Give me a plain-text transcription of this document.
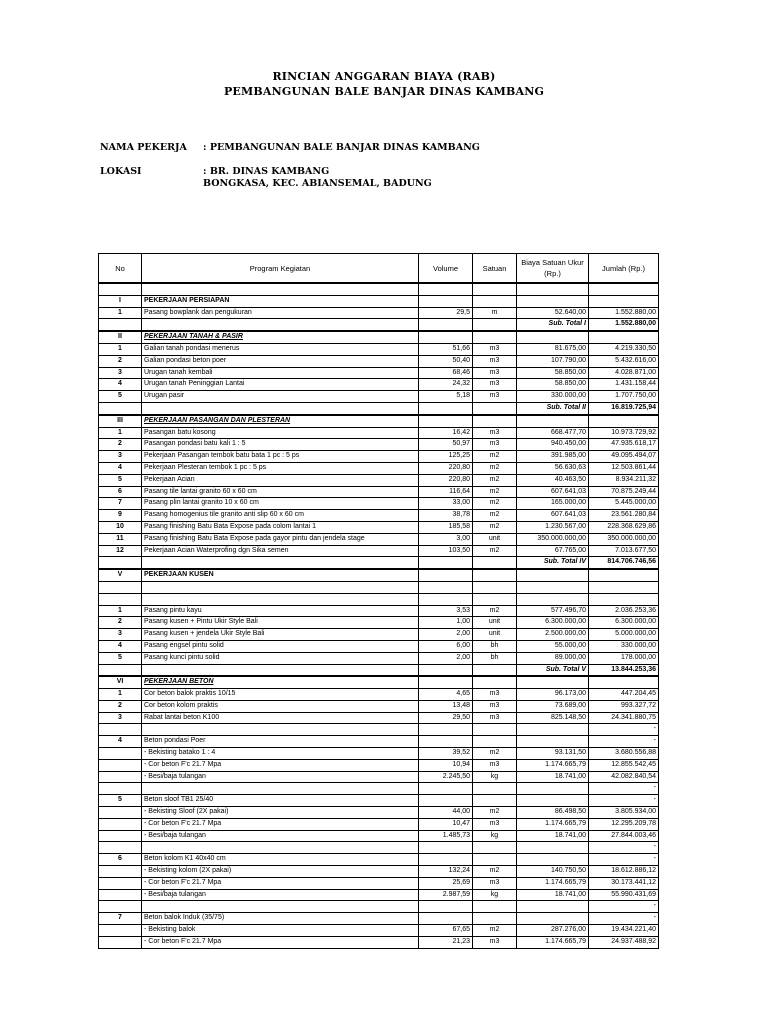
RINCIAN ANGGARAN BIAYA (RAB)
PEMBANGUNAN BALE BANJAR DINAS KAMBANG
NAMA PEKERJA : PEMBANGUNAN BALE BANJAR DINAS KAMBANG
LOKASI	: BR. DINAS KAMBANG
BONGKASA, KEC. ABIANSEMAL, BADUNG
No	Program Kegiatan	Volume	Satuan	Biaya Satuan Ukur (Rp.)	Jumlah (Rp.)

I	PEKERJAAN PERSIAPAN				
1	Pasang bowplank dan pengukuran	29,5	m	52.640,00	1.552.880,00
				Sub. Total I	1.552.880,00
II	PEKERJAAN TANAH & PASIR				
1	Galian tanah pondasi menerus	51,66	m3	81.675,00	4.219.330,50
2	Galian pondasi beton poer	50,40	m3	107.790,00	5.432.616,00
3	Urugan tanah kembali	68,46	m3	58.850,00	4.028.871,00
4	Urugan tanah Peninggian Lantai	24,32	m3	58.850,00	1.431.158,44
5	Urugan pasir	5,18	m3	330.000,00	1.707.750,00
				Sub. Total II	16.819.725,94
III	PEKERJAAN PASANGAN DAN PLESTERAN				
1	Pasangan batu kosong	16,42	m3	668.477,70	10.973.729,92
2	Pasangan pondasi batu kali 1 : 5	50,97	m3	940.450,00	47.935.618,17
3	Pekerjaan Pasangan tembok batu bata 1 pc : 5 ps	125,25	m2	391.985,00	49.095.494,07
4	Pekerjaan Plesteran tembok 1 pc : 5 ps	220,80	m2	56.630,63	12.503.861,44
5	Pekerjaan Acian	220,80	m2	40.463,50	8.934.211,32
6	Pasang tile lantai granito 60 x 60 cm	116,64	m2	607.641,03	70.875.249,44
7	Pasang plin lantai granito 10 x 60 cm	33,00	m2	165.000,00	5.445.000,00
9	Pasang homogenius tile granito anti slip 60 x 60 cm	38,78	m2	607.641,03	23.561.280,84
10	Pasang finishing Batu Bata Expose pada colom lantai 1	185,58	m2	1.230.567,00	228.368.629,86
11	Pasang finishing Batu Bata Expose pada gayor pintu dan jendela stage	3,00	unit	350.000.000,00	350.000.000,00
12	Pekerjaan Acian Waterprofing dgn Sika semen	103,50	m2	67.765,00	7.013.677,50
				Sub. Total IV	814.706.746,56
V	PEKERJAAN KUSEN				

1	Pasang pintu kayu	3,53	m2	577.496,70	2.036.253,36
2	Pasang kusen + Pintu Ukir Style Bali	1,00	unit	6.300.000,00	6.300.000,00
3	Pasang kusen + jendela Ukir Style Bali	2,00	unit	2.500.000,00	5.000.000,00
4	Pasang engsel pintu solid	6,00	bh	55.000,00	330.000,00
5	Pasang kunci pintu solid	2,00	bh	89.000,00	178.000,00
				Sub. Total V	13.844.253,36
VI	PEKERJAAN BETON				
1	Cor beton balok praktis 10/15	4,65	m3	96.173,00	447.204,45
2	Cor beton kolom praktis	13,48	m3	73.689,00	993.327,72
3	Rabat lantai beton K100	29,50	m3	825.148,50	24.341.880,75
					-
4	Beton pondasi Poer				-
	- Bekisting batako 1 : 4	39,52	m2	93.131,50	3.680.556,88
	- Cor beton F'c 21.7 Mpa	10,94	m3	1.174.665,79	12.855.542,45
	- Besi/baja tulangan	2.245,50	kg	18.741,00	42.082.840,54
					-
5	Beton sloof TB1 25/40				-
	- Bekisting Sloof (2X pakai)	44,00	m2	86.498,50	3.805.934,00
	- Cor beton F'c 21.7 Mpa	10,47	m3	1.174.665,79	12.295.209,78
	- Besi/baja tulangan	1.485,73	kg	18.741,00	27.844.003,46
					-
6	Beton kolom K1 40x40 cm				-
	- Bekisting kolom (2X pakai)	132,24	m2	140.750,50	18.612.886,12
	- Cor beton F'c 21.7 Mpa	25,69	m3	1.174.665,79	30.173.441,12
	- Besi/baja tulangan	2.987,59	kg	18.741,00	55.990.431,69
					-
7	Beton balok Induk (35/75)				-
	- Bekisting balok	67,65	m2	287.276,00	19.434.221,40
	- Cor beton F'c 21.7 Mpa	21,23	m3	1.174.665,79	24.937.488,92
